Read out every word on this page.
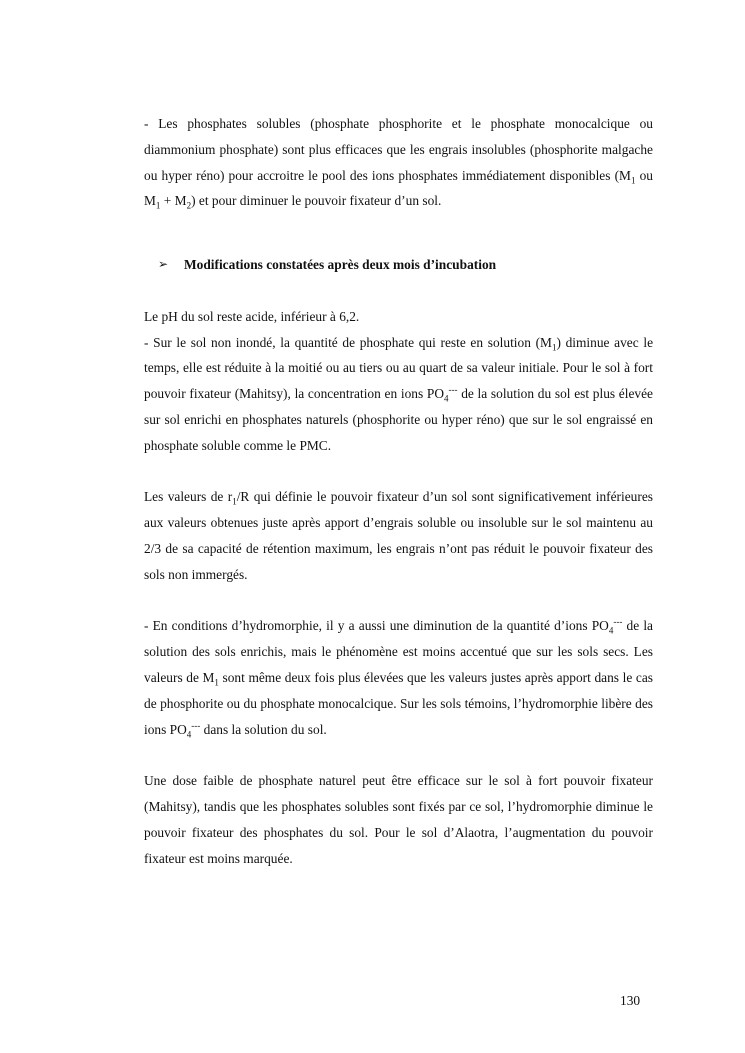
- Les phosphates solubles (phosphate phosphorite et le phosphate monocalcique ou diammonium phosphate) sont plus efficaces que les engrais insolubles (phosphorite malgache ou hyper réno) pour accroitre le pool des ions phosphates immédiatement disponibles ($M_1$ ou $M_1 + M_2$) et pour diminuer le pouvoir fixateur d’un sol.

➢	Modifications constatées après deux mois d’incubation

Le pH du sol reste acide, inférieur à 6,2.

- Sur le sol non inondé, la quantité de phosphate qui reste en solution $(M_1)$ diminue avec le temps, elle est réduite à la moitié ou au tiers ou au quart de sa valeur initiale. Pour le sol à fort pouvoir fixateur (Mahitsy), la concentration en ions $PO_4^{---}$ de la solution du sol est plus élevée sur sol enrichi en phosphates naturels (phosphorite ou hyper réno) que sur le sol engraissé en phosphate soluble comme le PMC.

Les valeurs de $r_1/R$ qui définie le pouvoir fixateur d’un sol sont significativement inférieures aux valeurs obtenues juste après apport d’engrais soluble ou insoluble sur le sol maintenu au 2/3 de sa capacité de rétention maximum, les engrais n’ont pas réduit le pouvoir fixateur des sols non immergés.

- En conditions d’hydromorphie, il y a aussi une diminution de la quantité d’ions $PO_4^{---}$ de la solution des sols enrichis, mais le phénomène est moins accentué que sur les sols secs. Les valeurs de $M_1$ sont même deux fois plus élevées que les valeurs justes après apport dans le cas de phosphorite ou du phosphate monocalcique. Sur les sols témoins, l’hydromorphie libère des ions $PO_4^{---}$ dans la solution du sol.

Une dose faible de phosphate naturel peut être efficace sur le sol à fort pouvoir fixateur (Mahitsy), tandis que les phosphates solubles sont fixés par ce sol, l’hydromorphie diminue le pouvoir fixateur des phosphates du sol. Pour le sol d’Alaotra, l’augmentation du pouvoir fixateur est moins marquée.

130
